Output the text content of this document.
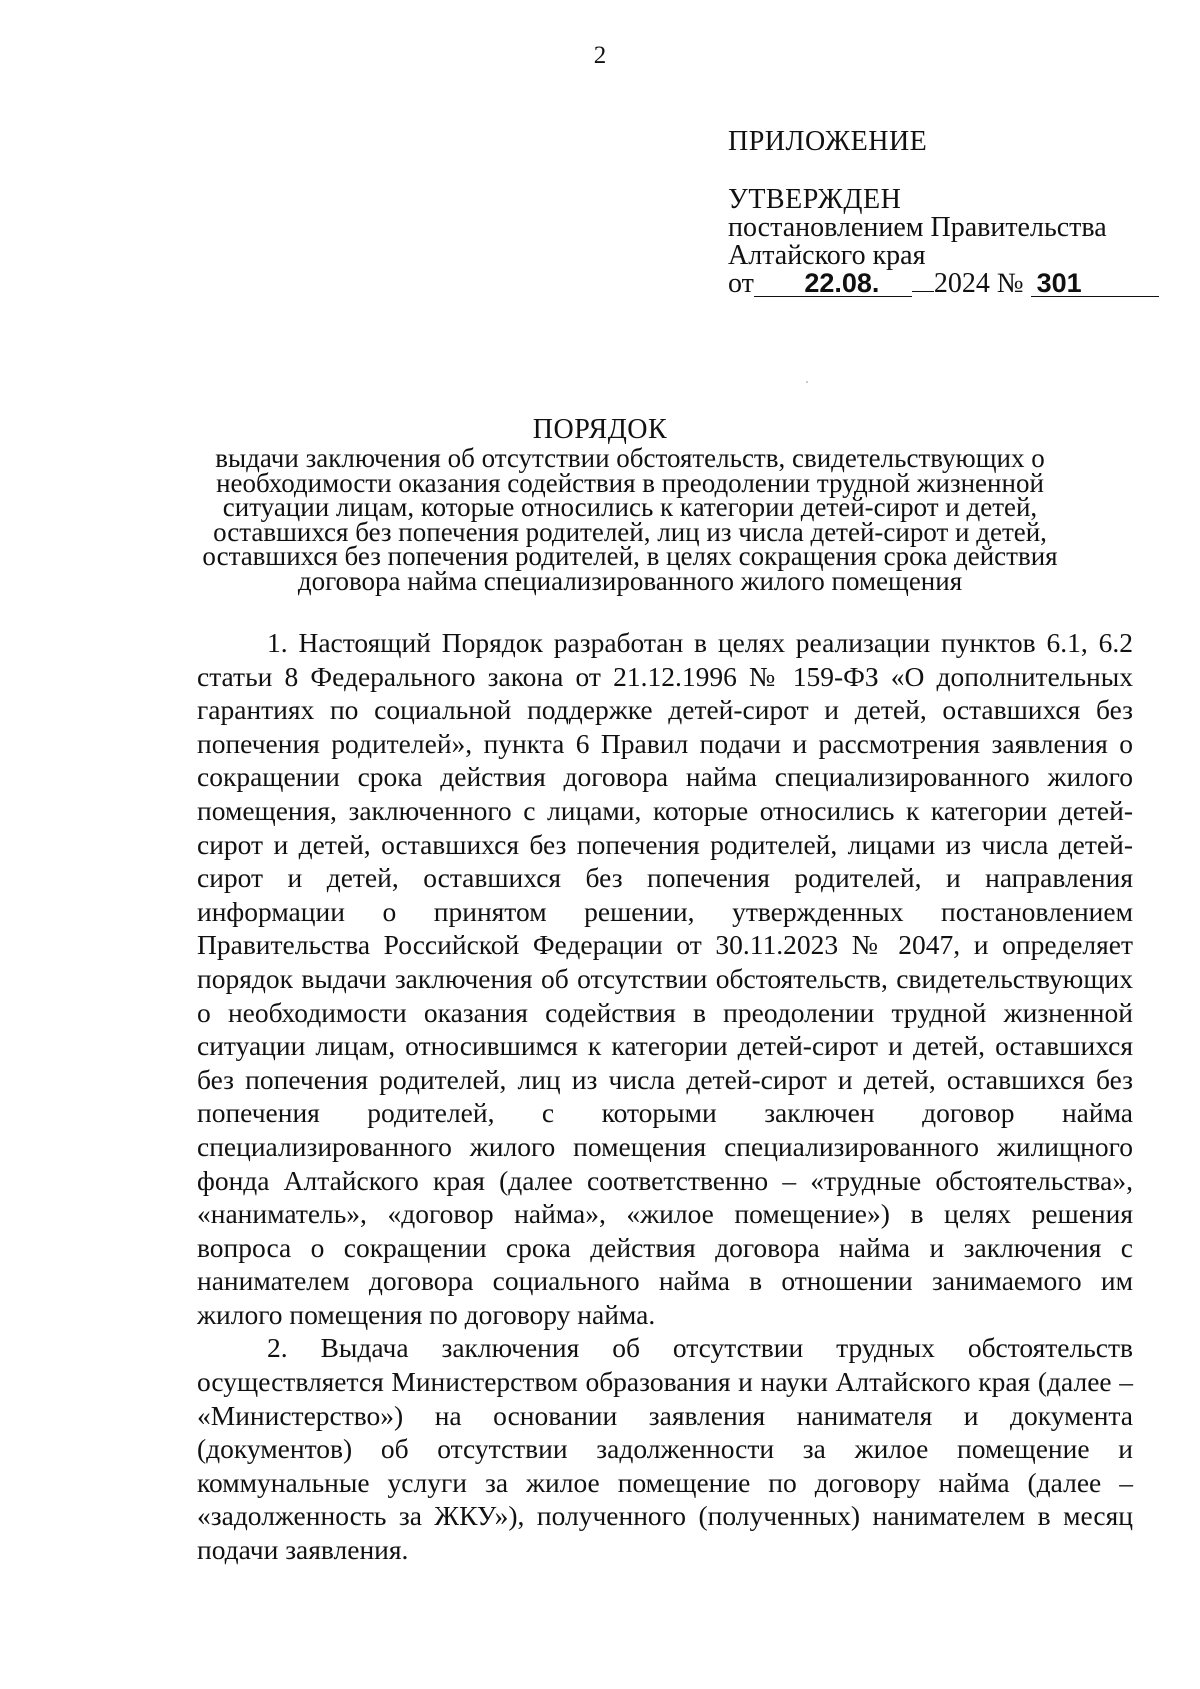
2

ПРИЛОЖЕНИЕ

УТВЕРЖДЕН

постановлением Правительства

Алтайского края

от 22.08. 2024 № 301

ПОРЯДОК
выдачи заключения об отсутствии обстоятельств, свидетельствующих о
необходимости оказания содействия в преодолении трудной жизненной
ситуации лицам, которые относились к категории детей-сирот и детей,
оставшихся без попечения родителей, лиц из числа детей-сирот и детей,
оставшихся без попечения родителей, в целях сокращения срока действия
договора найма специализированного жилого помещения

1. Настоящий Порядок разработан в целях реализации пунктов 6.1, 6.2 статьи 8 Федерального закона от 21.12.1996 № 159-ФЗ «О дополнительных гарантиях по социальной поддержке детей-сирот и детей, оставшихся без попечения родителей», пункта 6 Правил подачи и рассмотрения заявления о сокращении срока действия договора найма специализированного жилого помещения, заключенного с лицами, которые относились к категории детей-сирот и детей, оставшихся без попечения родителей, лицами из числа детей-сирот и детей, оставшихся без попечения родителей, и направления информации о принятом решении, утвержденных постановлением Правительства Российской Федерации от 30.11.2023 № 2047, и определяет порядок выдачи заключения об отсутствии обстоятельств, свидетельствующих о необходимости оказания содействия в преодолении трудной жизненной ситуации лицам, относившимся к категории детей-сирот и детей, оставшихся без попечения родителей, лиц из числа детей-сирот и детей, оставшихся без попечения родителей, с которыми заключен договор найма специализированного жилого помещения специализированного жилищного фонда Алтайского края (далее соответственно – «трудные обстоятельства», «наниматель», «договор найма», «жилое помещение») в целях решения вопроса о сокращении срока действия договора найма и заключения с нанимателем договора социального найма в отношении занимаемого им жилого помещения по договору найма.

2. Выдача заключения об отсутствии трудных обстоятельств осуществляется Министерством образования и науки Алтайского края (далее – «Министерство») на основании заявления нанимателя и документа (документов) об отсутствии задолженности за жилое помещение и коммунальные услуги за жилое помещение по договору найма (далее – «задолженность за ЖКУ»), полученного (полученных) нанимателем в месяц подачи заявления.
